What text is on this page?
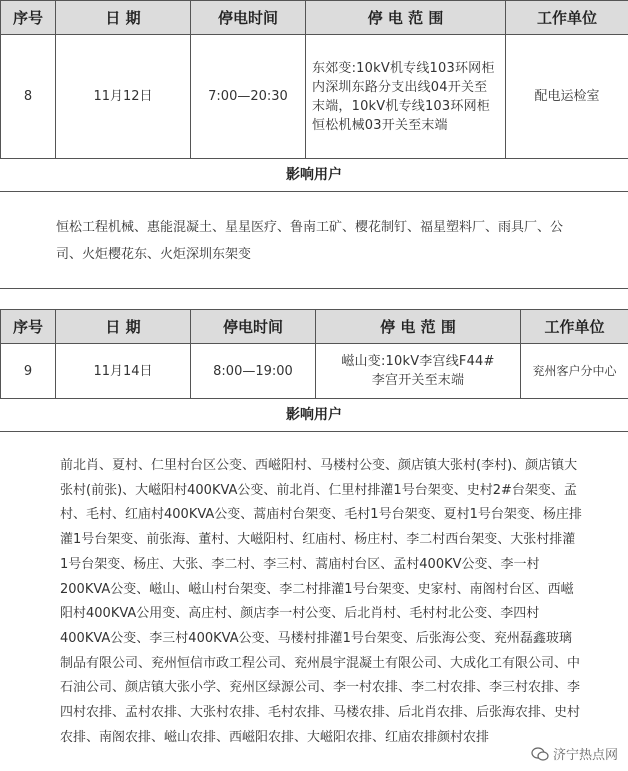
序号	日 期	停电时间	停 电 范 围	工作单位
8	11月12日	7:00—20:30	东郊变:10kV机专线103环网柜内深圳东路分支出线04开关至末端，10kV机专线103环网柜恒松机械03开关至末端	配电运检室
影响用户
恒松工程机械、惠能混凝土、星星医疗、鲁南工矿、樱花制钉、福星塑料厂、雨具厂、公司、火炬樱花东、火炬深圳东架变
序号	日 期	停电时间	停 电 范 围	工作单位
9	11月14日	8:00—19:00	嵫山变:10kV李宫线F44#李宫开关至末端	兖州客户分中心
影响用户
前北肖、夏村、仁里村台区公变、西嵫阳村、马楼村公变、颜店镇大张村(李村)、颜店镇大张村(前张)、大嵫阳村400KVA公变、前北肖、仁里村排灌1号台架变、史村2#台架变、孟村、毛村、红庙村400KVA公变、蒿庙村台架变、毛村1号台架变、夏村1号台架变、杨庄排灌1号台架变、前张海、董村、大嵫阳村、红庙村、杨庄村、李二村西台架变、大张村排灌1号台架变、杨庄、大张、李二村、李三村、蒿庙村台区、孟村400KV公变、李一村200KVA公变、嵫山、嵫山村台架变、李二村排灌1号台架变、史家村、南阁村台区、西嵫阳村400KVA公用变、高庄村、颜店李一村公变、后北肖村、毛村村北公变、李四村400KVA公变、李三村400KVA公变、马楼村排灌1号台架变、后张海公变、兖州磊鑫玻璃制品有限公司、兖州恒信市政工程公司、兖州晨宇混凝土有限公司、大成化工有限公司、中石油公司、颜店镇大张小学、兖州区绿源公司、李一村农排、李二村农排、李三村农排、李四村农排、孟村农排、大张村农排、毛村农排、马楼农排、后北肖农排、后张海农排、史村农排、南阁农排、嵫山农排、西嵫阳农排、大嵫阳农排、红庙农排颜村农排
济宁热点网
